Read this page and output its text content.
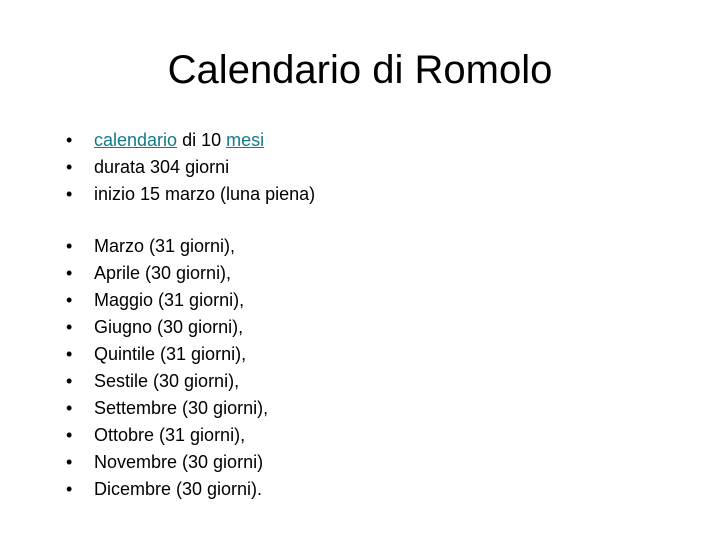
Calendario di Romolo
•	calendario di 10 mesi
•	durata 304 giorni
•	inizio 15 marzo (luna piena)
•	Marzo (31 giorni),
•	Aprile (30 giorni),
•	Maggio (31 giorni),
•	Giugno (30 giorni),
•	Quintile (31 giorni),
•	Sestile (30 giorni),
•	Settembre (30 giorni),
•	Ottobre (31 giorni),
•	Novembre (30 giorni)
•	Dicembre (30 giorni).
